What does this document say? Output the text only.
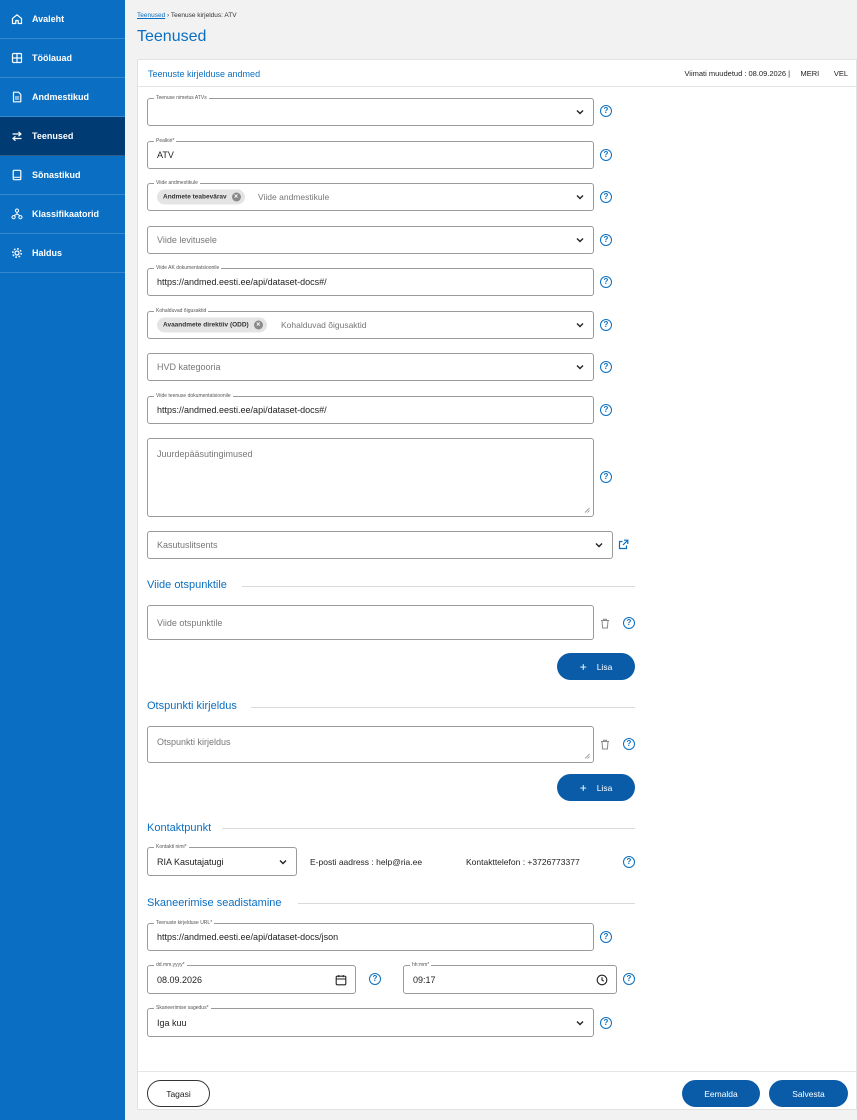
Avaleht
Töölauad
Andmestikud
Teenused
Sõnastikud
Klassifikaatorid
Haldus
Teenused › Teenuse kirjeldus: ATV
Teenused
Teenuste kirjelduse andmed	Viimati muudetud : 08.09.2026 |     MERI       VEL
Teenuse nimetus ATVs
?
Pealkiri*
ATV	?
Viide andmestikule
Andmete teabevärav	× Viide andmestikule	?
Viide levitusele	?
Viide AK dokumentatsioonile
https://andmed.eesti.ee/api/dataset-docs#/	?
Kohalduvad õigusaktid
Avaandmete direktiiv (ODD)	× Kohalduvad õigusaktid	?
HVD kategooria	?
Viide teenuse dokumentatsioonile
https://andmed.eesti.ee/api/dataset-docs#/	?
Juurdepääsutingimused
?
Kasutuslitsents
Viide otspunktile
Viide otspunktile	?
+ Lisa
Otspunkti kirjeldus
Otspunkti kirjeldus	?
+ Lisa
Kontaktpunkt
Kontakti nimi*
RIA Kasutajatugi	E-posti aadress : help@ria.ee	Kontakttelefon : +3726773377	?
Skaneerimise seadistamine
Teenuste kirjelduse URL*
https://andmed.eesti.ee/api/dataset-docs/json	?
dd.mm.yyyy*
08.09.2026	?
hh:mm*
09:17	?
Skaneerimise sagedus*
Iga kuu	?
Tagasi	Eemalda	Salvesta
